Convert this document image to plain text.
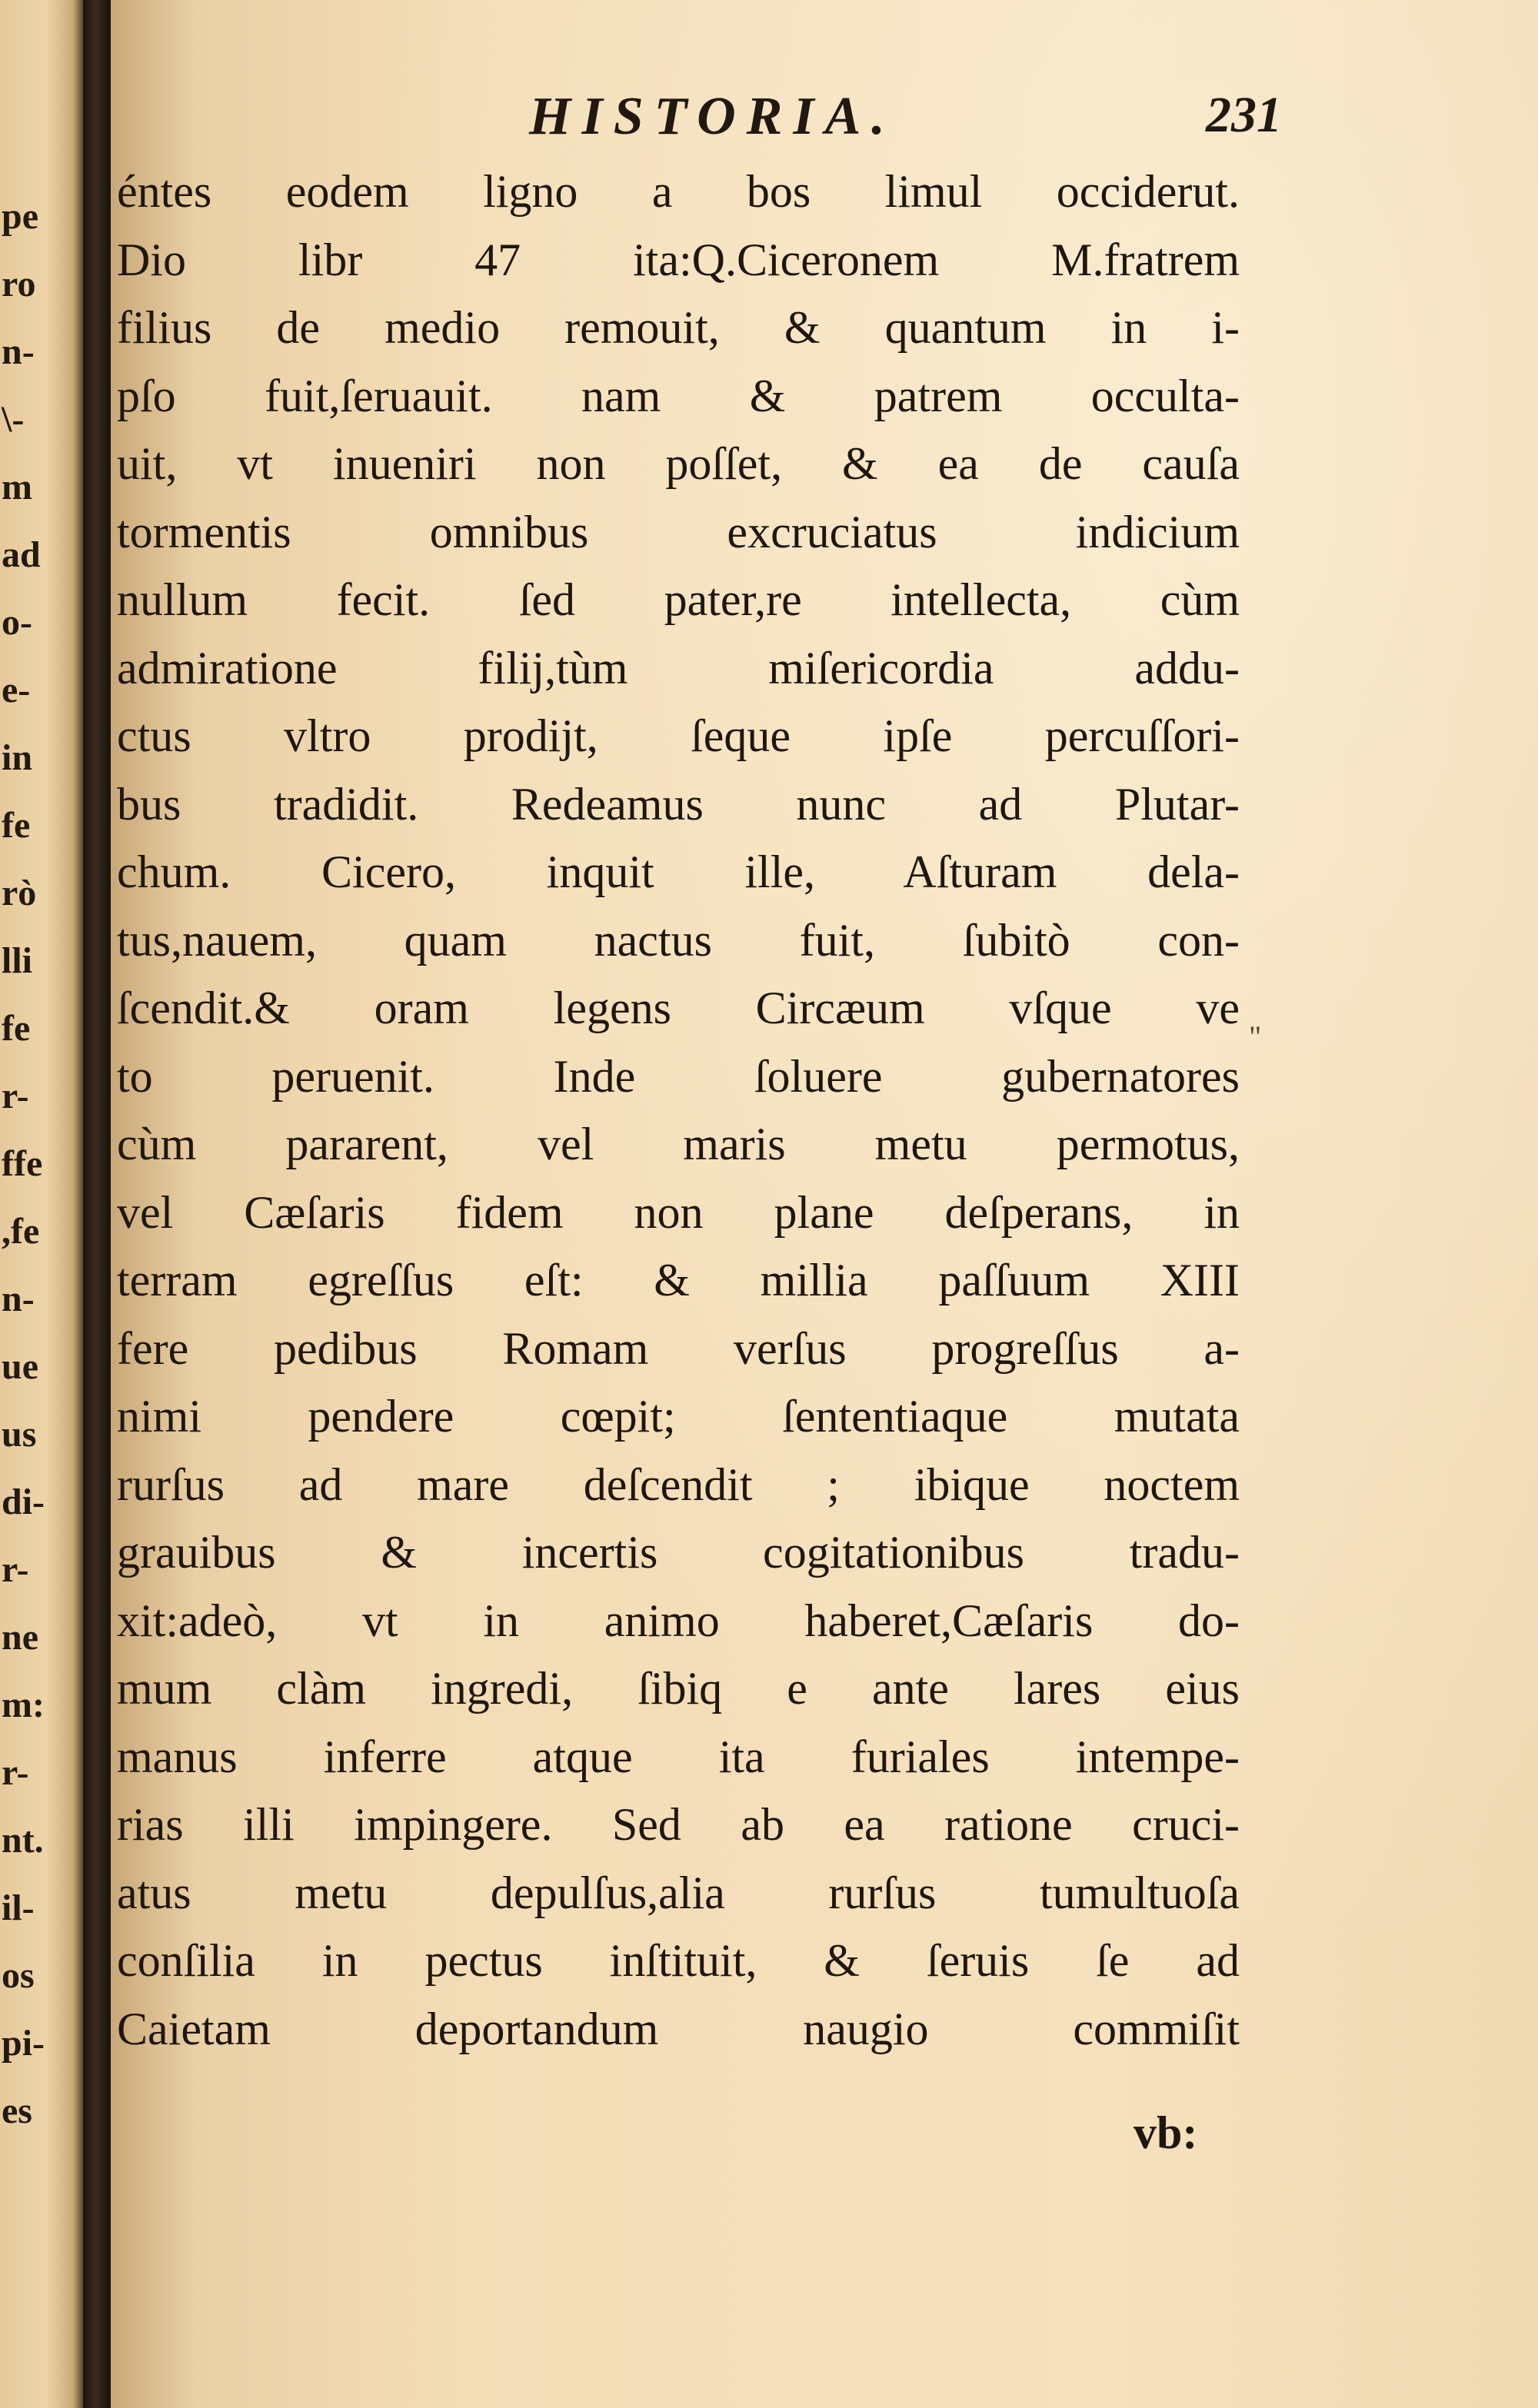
pe
ro
n-
\-
m
ad
o-
e-
in
fe
rò
lli
fe
r-
ffe
,fe
n-
ue
us
di-
r-
ne
m:
r-
nt.
il-
os
pi-
es
HISTORIA.	231
éntes eodem ligno a bos limul occiderut.
Dio libr 47 ita:Q.Ciceronem M.fratrem
filius de medio remouit, & quantum in i-
pſo fuit,ſeruauit. nam & patrem occulta-
uit, vt inueniri non poſſet, & ea de cauſa
tormentis omnibus excruciatus indicium
nullum fecit. ſed pater,re intellecta, cùm
admiratione filij,tùm miſericordia addu-
ctus vltro prodijt, ſeque ipſe percuſſori-
bus tradidit. Redeamus nunc ad Plutar-
chum. Cicero, inquit ille, Aſturam dela-
tus,nauem, quam nactus fuit, ſubitò con-
ſcendit.& oram legens Circæum vſque ve
to peruenit. Inde ſoluere gubernatores
cùm pararent, vel maris metu permotus,
vel Cæſaris fidem non plane deſperans, in
terram egreſſus eſt: & millia paſſuum XIII
fere pedibus Romam verſus progreſſus a-
nimi pendere cœpit; ſententiaque mutata
rurſus ad mare deſcendit ; ibique noctem
grauibus & incertis cogitationibus tradu-
xit:adeò, vt in animo haberet,Cæſaris do-
mum clàm ingredi, ſibiq e ante lares eius
manus inferre atque ita furiales intempe-
rias illi impingere. Sed ab ea ratione cruci-
atus metu depulſus,alia rurſus tumultuoſa
conſilia in pectus inſtituit, & ſeruis ſe ad
Caietam deportandum naugio commiſit
"
vb:
